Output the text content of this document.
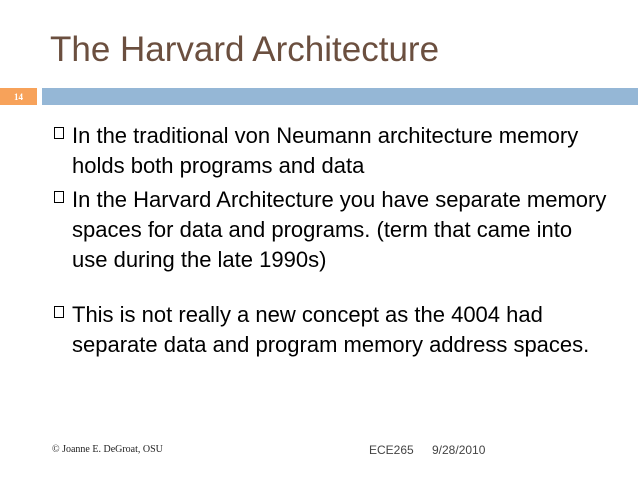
The Harvard Architecture
14
In the traditional von Neumann architecture memory holds both programs and data
In the Harvard Architecture you have separate memory spaces for data and programs. (term that came into use during the late 1990s)
This is not really a new concept as the 4004 had separate data and program memory address spaces.
© Joanne E. DeGroat, OSU	ECE265 9/28/2010
